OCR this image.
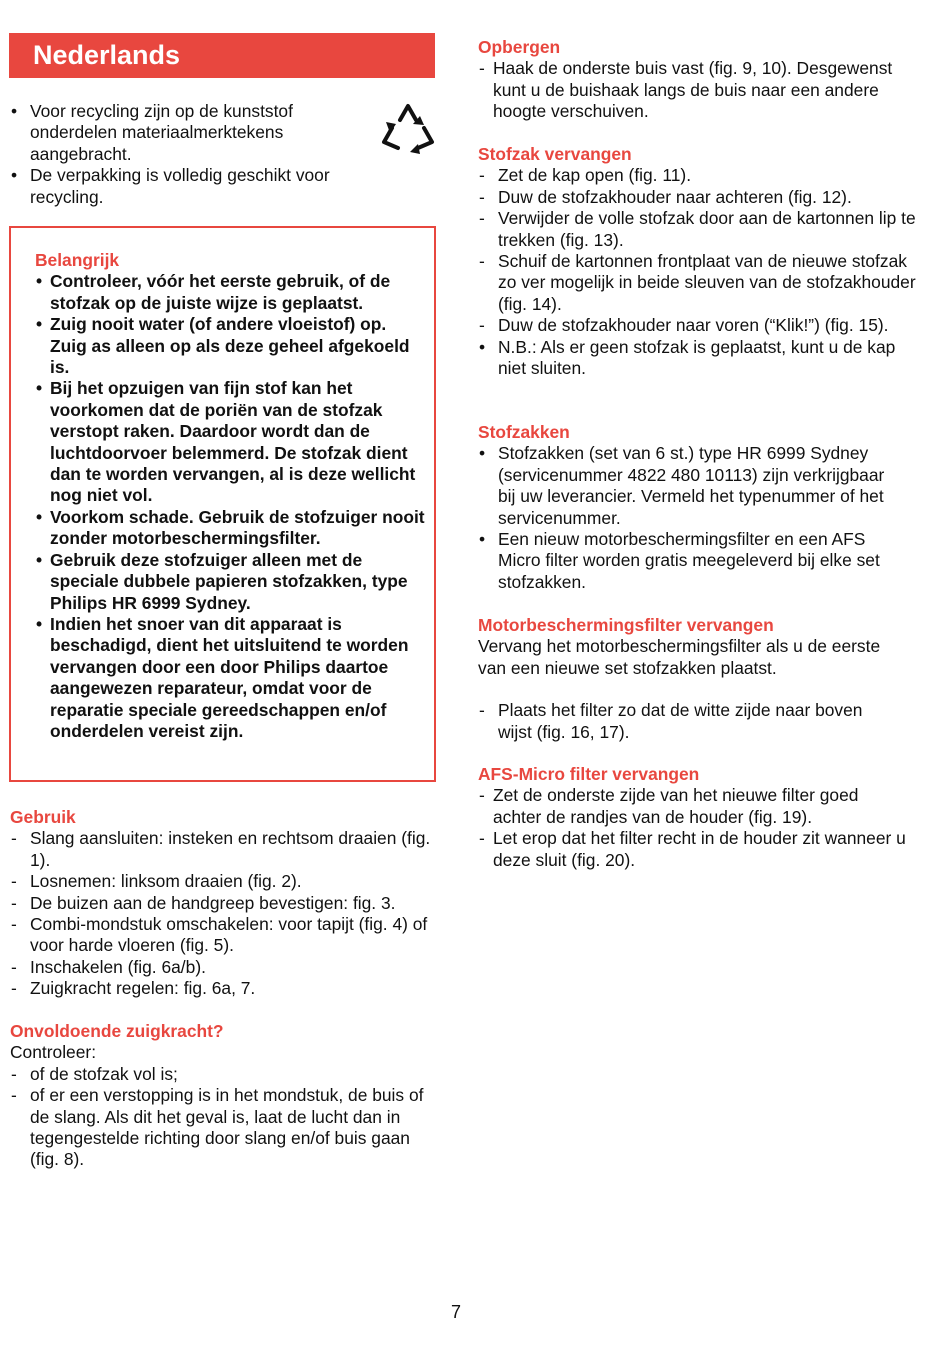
Nederlands
• Voor recycling zijn op de kunststof onderdelen materiaalmerktekens aangebracht.
• De verpakking is volledig geschikt voor recycling.
Belangrijk
• Controleer, vóór het eerste gebruik, of de stofzak op de juiste wijze is geplaatst.
• Zuig nooit water (of andere vloeistof) op. Zuig as alleen op als deze geheel afgekoeld is.
• Bij het opzuigen van fijn stof kan het voorkomen dat de poriën van de stofzak verstopt raken. Daardoor wordt dan de luchtdoorvoer belemmerd. De stofzak dient dan te worden vervangen, al is deze wellicht nog niet vol.
• Voorkom schade. Gebruik de stofzuiger nooit zonder motorbeschermingsfilter.
• Gebruik deze stofzuiger alleen met de speciale dubbele papieren stofzakken, type Philips HR 6999 Sydney.
• Indien het snoer van dit apparaat is beschadigd, dient het uitsluitend te worden vervangen door een door Philips daartoe aangewezen reparateur, omdat voor de reparatie speciale gereedschappen en/of onderdelen vereist zijn.
Gebruik
- Slang aansluiten: insteken en rechtsom draaien (fig. 1).
- Losnemen: linksom draaien (fig. 2).
- De buizen aan de handgreep bevestigen: fig. 3.
- Combi-mondstuk omschakelen: voor tapijt (fig. 4) of voor harde vloeren (fig. 5).
- Inschakelen (fig. 6a/b).
- Zuigkracht regelen: fig. 6a, 7.
Onvoldoende zuigkracht?

Controleer:

- of de stofzak vol is;
- of er een verstopping is in het mondstuk, de buis of de slang. Als dit het geval is, laat de lucht dan in tegengestelde richting door slang en/of buis gaan (fig. 8).
Opbergen
- Haak de onderste buis vast (fig. 9, 10). Desgewenst kunt u de buishaak langs de buis naar een andere hoogte verschuiven.
Stofzak vervangen
- Zet de kap open (fig. 11).
- Duw de stofzakhouder naar achteren (fig. 12).
- Verwijder de volle stofzak door aan de kartonnen lip te trekken (fig. 13).
- Schuif de kartonnen frontplaat van de nieuwe stofzak zo ver mogelijk in beide sleuven van de stofzakhouder (fig. 14).
- Duw de stofzakhouder naar voren (“Klik!”) (fig. 15).
• N.B.: Als er geen stofzak is geplaatst, kunt u de kap niet sluiten.
Stofzakken
• Stofzakken (set van 6 st.) type HR 6999 Sydney (servicenummer 4822 480 10113) zijn verkrijgbaar bij uw leverancier. Vermeld het typenummer of het servicenummer.
• Een nieuw motorbeschermingsfilter en een AFS Micro filter worden gratis meegeleverd bij elke set stofzakken.
Motorbeschermingsfilter vervangen

Vervang het motorbeschermingsfilter als u de eerste van een nieuwe set stofzakken plaatst.

- Plaats het filter zo dat de witte zijde naar boven wijst (fig. 16, 17).
AFS-Micro filter vervangen
- Zet de onderste zijde van het nieuwe filter goed achter de randjes van de houder (fig. 19).
- Let erop dat het filter recht in de houder zit wanneer u deze sluit (fig. 20).
7
